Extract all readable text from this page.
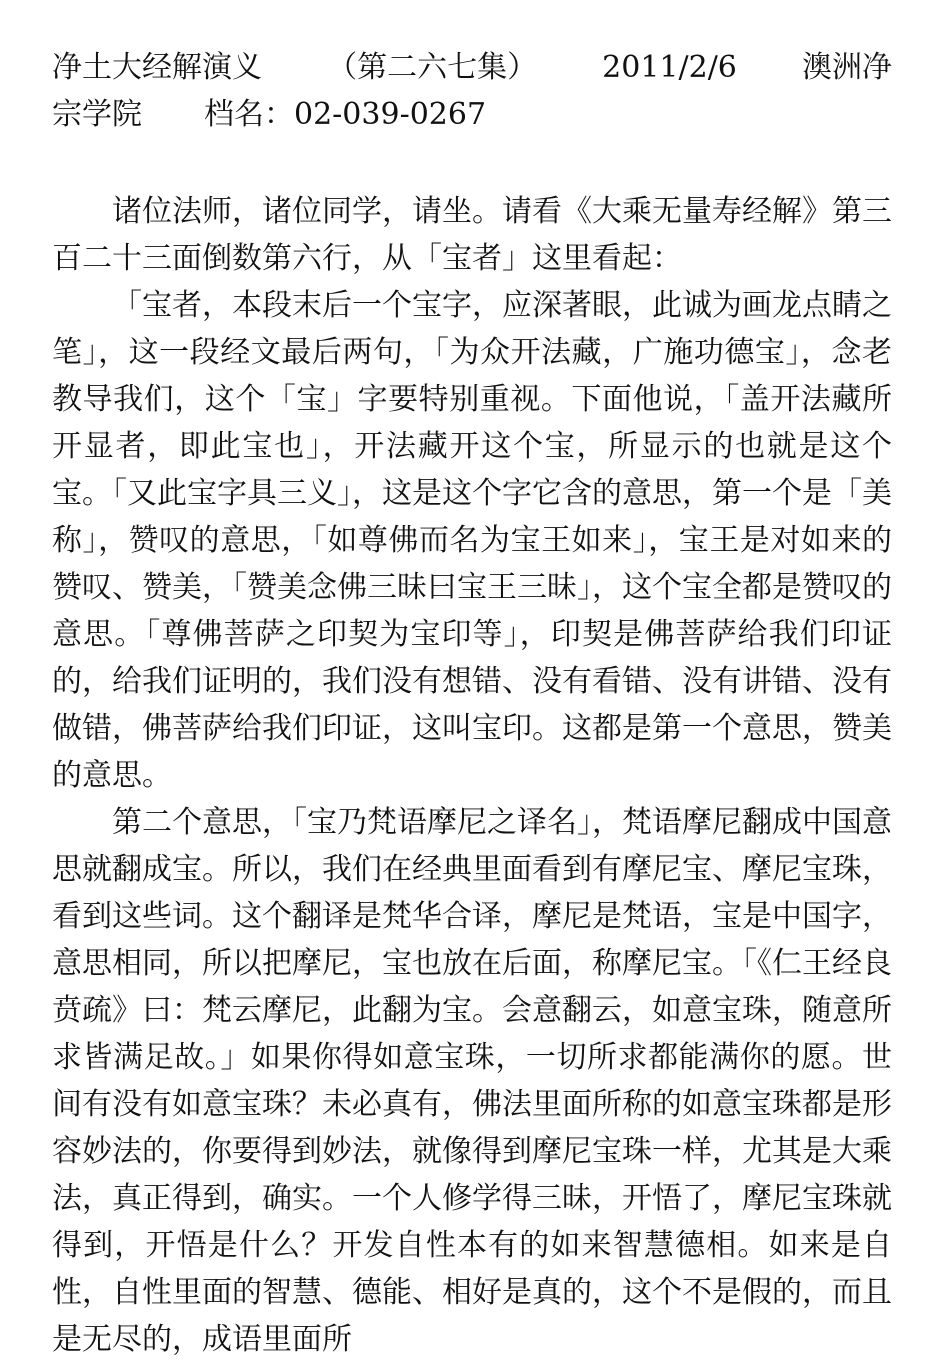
净土大经解演义 （第二六七集） 2011/2/6 澳洲净
宗学院 档名：02-039-0267

诸位法师，诸位同学，请坐。请看《大乘无量寿经解》第三百二十三面倒数第六行，从「宝者」这里看起：

「宝者，本段末后一个宝字，应深著眼，此诚为画龙点睛之笔」，这一段经文最后两句，「为众开法藏，广施功德宝」，念老教导我们，这个「宝」字要特别重视。下面他说，「盖开法藏所开显者，即此宝也」，开法藏开这个宝，所显示的也就是这个宝。「又此宝字具三义」，这是这个字它含的意思，第一个是「美称」，赞叹的意思，「如尊佛而名为宝王如来」，宝王是对如来的赞叹、赞美，「赞美念佛三昧曰宝王三昧」，这个宝全都是赞叹的意思。「尊佛菩萨之印契为宝印等」，印契是佛菩萨给我们印证的，给我们证明的，我们没有想错、没有看错、没有讲错、没有做错，佛菩萨给我们印证，这叫宝印。这都是第一个意思，赞美的意思。

第二个意思，「宝乃梵语摩尼之译名」，梵语摩尼翻成中国意思就翻成宝。所以，我们在经典里面看到有摩尼宝、摩尼宝珠，看到这些词。这个翻译是梵华合译，摩尼是梵语，宝是中国字，意思相同，所以把摩尼，宝也放在后面，称摩尼宝。「《仁王经良贲疏》曰：梵云摩尼，此翻为宝。会意翻云，如意宝珠，随意所求皆满足故。」如果你得如意宝珠，一切所求都能满你的愿。世间有没有如意宝珠？未必真有，佛法里面所称的如意宝珠都是形容妙法的，你要得到妙法，就像得到摩尼宝珠一样，尤其是大乘法，真正得到，确实。一个人修学得三昧，开悟了，摩尼宝珠就得到，开悟是什么？开发自性本有的如来智慧德相。如来是自性，自性里面的智慧、德能、相好是真的，这个不是假的，而且是无尽的，成语里面所
